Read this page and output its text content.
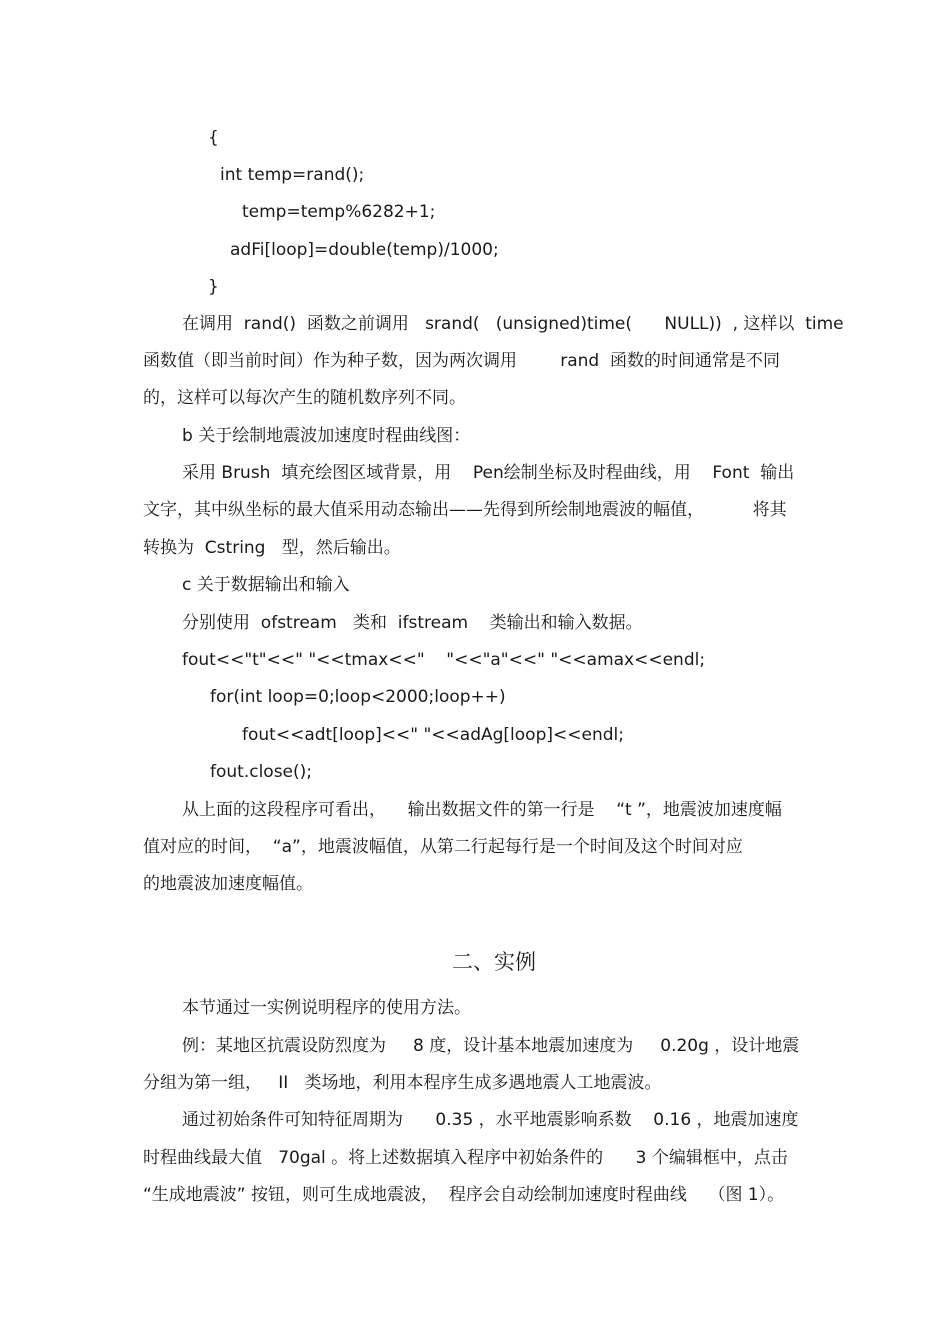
{
int temp=rand();
temp=temp%6282+1;
adFi[loop]=double(temp)/1000;
}
在调用  rand()  函数之前调用   srand(   (unsigned)time(      NULL))  , 这样以  time
函数值（即当前时间）作为种子数，因为两次调用        rand  函数的时间通常是不同
的，这样可以每次产生的随机数序列不同。
b 关于绘制地震波加速度时程曲线图：
采用 Brush  填充绘图区域背景，用    Pen绘制坐标及时程曲线，用    Font  输出
文字，其中纵坐标的最大值采用动态输出——先得到所绘制地震波的幅值，         将其
转换为  Cstring   型，然后输出。
c 关于数据输出和输入
分别使用  ofstream   类和  ifstream    类输出和输入数据。
fout<<"t"<<" "<<tmax<<"    "<<"a"<<" "<<amax<<endl;
for(int loop=0;loop<2000;loop++)
fout<<adt[loop]<<" "<<adAg[loop]<<endl;
fout.close();
从上面的这段程序可看出，    输出数据文件的第一行是    “t ”，地震波加速度幅
值对应的时间，  “a”，地震波幅值，从第二行起每行是一个时间及这个时间对应
的地震波加速度幅值。
二、实例
本节通过一实例说明程序的使用方法。
例：某地区抗震设防烈度为     8 度，设计基本地震加速度为     0.20g ，设计地震
分组为第一组，   II   类场地，利用本程序生成多遇地震人工地震波。
通过初始条件可知特征周期为      0.35 ，水平地震影响系数    0.16 ，地震加速度
时程曲线最大值   70gal 。将上述数据填入程序中初始条件的      3 个编辑框中，点击
“生成地震波” 按钮，则可生成地震波，  程序会自动绘制加速度时程曲线    （图 1）。
